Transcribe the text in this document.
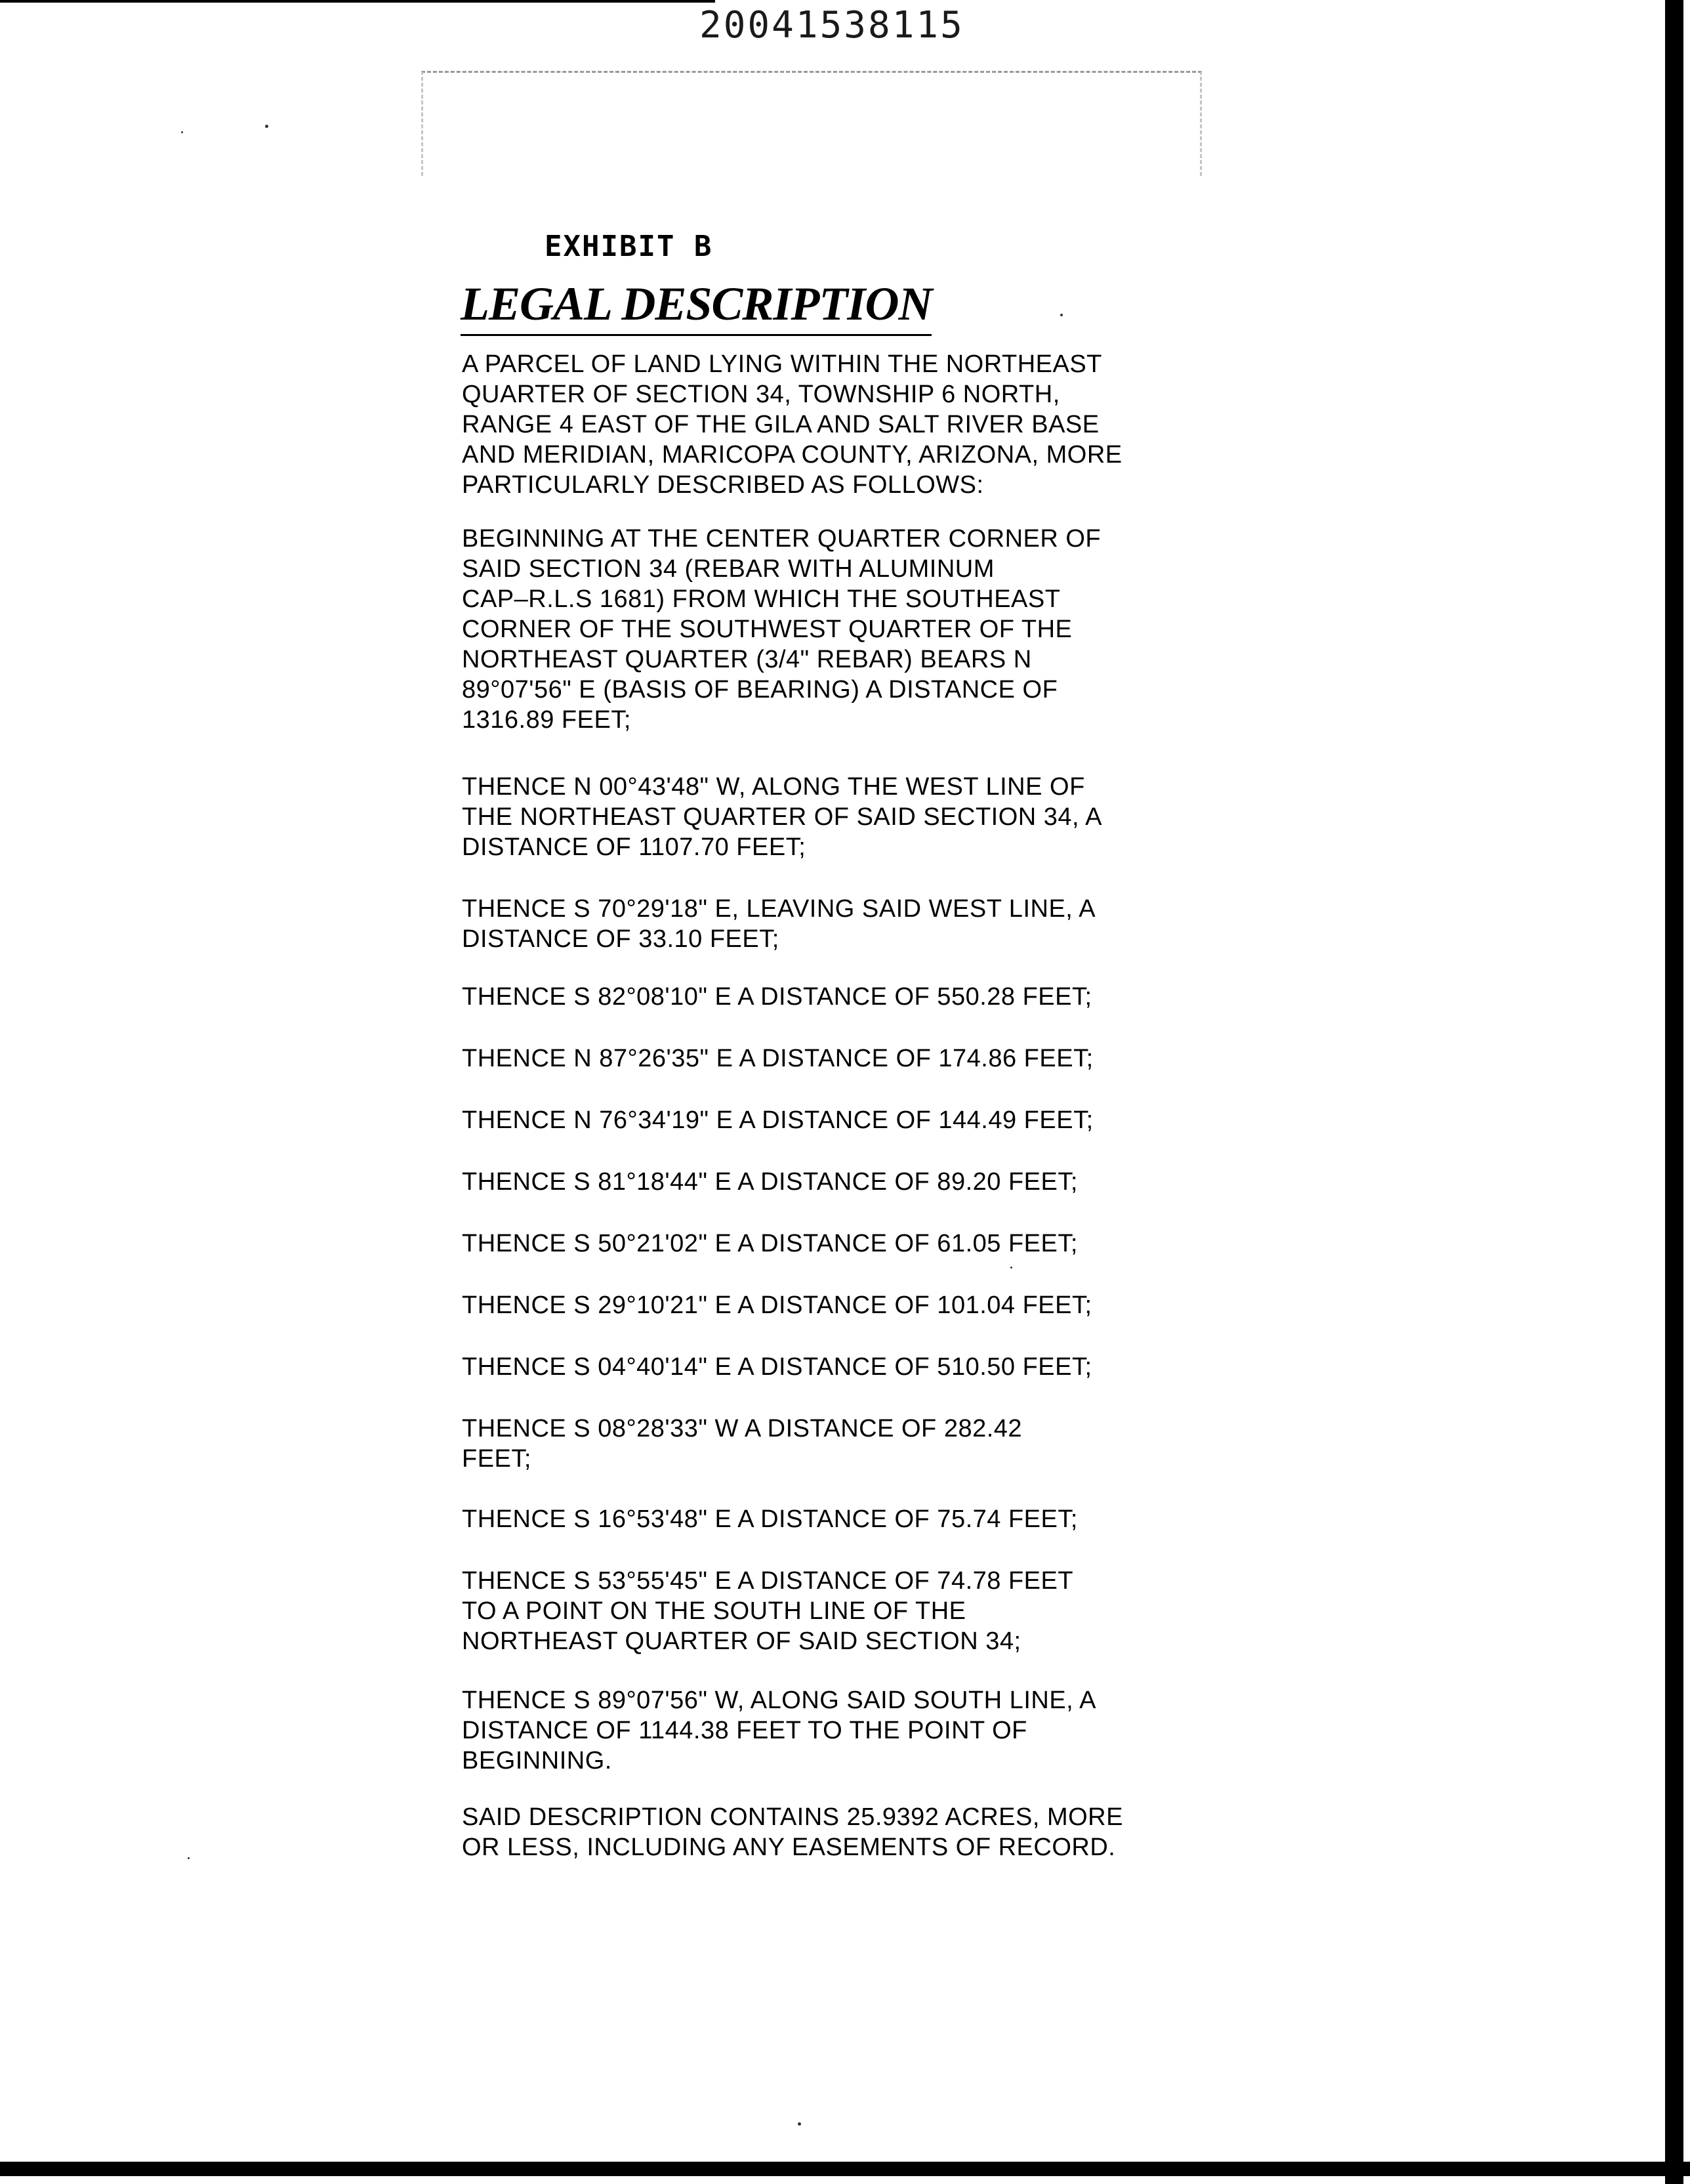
20041538115
EXHIBIT B
LEGAL DESCRIPTION
A PARCEL OF LAND LYING WITHIN THE NORTHEAST
QUARTER OF SECTION 34, TOWNSHIP 6 NORTH,
RANGE 4 EAST OF THE GILA AND SALT RIVER BASE
AND MERIDIAN, MARICOPA COUNTY, ARIZONA, MORE
PARTICULARLY DESCRIBED AS FOLLOWS:
BEGINNING AT THE CENTER QUARTER CORNER OF
SAID SECTION 34 (REBAR WITH ALUMINUM
CAP–R.L.S 1681) FROM WHICH THE SOUTHEAST
CORNER OF THE SOUTHWEST QUARTER OF THE
NORTHEAST QUARTER (3/4" REBAR) BEARS N
89°07'56" E (BASIS OF BEARING) A DISTANCE OF
1316.89 FEET;
THENCE N 00°43'48" W, ALONG THE WEST LINE OF
THE NORTHEAST QUARTER OF SAID SECTION 34, A
DISTANCE OF 1107.70 FEET;
THENCE S 70°29'18" E, LEAVING SAID WEST LINE, A
DISTANCE OF 33.10 FEET;
THENCE S 82°08'10" E A DISTANCE OF 550.28 FEET;
THENCE N 87°26'35" E A DISTANCE OF 174.86 FEET;
THENCE N 76°34'19" E A DISTANCE OF 144.49 FEET;
THENCE S 81°18'44" E A DISTANCE OF 89.20 FEET;
THENCE S 50°21'02" E A DISTANCE OF 61.05 FEET;
THENCE S 29°10'21" E A DISTANCE OF 101.04 FEET;
THENCE S 04°40'14" E A DISTANCE OF 510.50 FEET;
THENCE S 08°28'33" W A DISTANCE OF 282.42
FEET;
THENCE S 16°53'48" E A DISTANCE OF 75.74 FEET;
THENCE S 53°55'45" E A DISTANCE OF 74.78 FEET
TO A POINT ON THE SOUTH LINE OF THE
NORTHEAST QUARTER OF SAID SECTION 34;
THENCE S 89°07'56" W, ALONG SAID SOUTH LINE, A
DISTANCE OF 1144.38 FEET TO THE POINT OF
BEGINNING.
SAID DESCRIPTION CONTAINS 25.9392 ACRES, MORE
OR LESS, INCLUDING ANY EASEMENTS OF RECORD.
